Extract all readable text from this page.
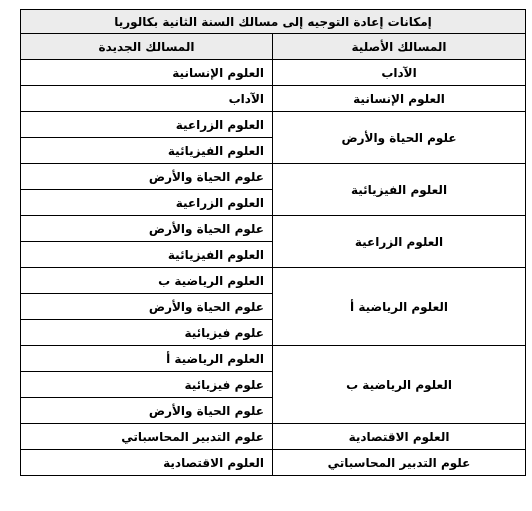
إمكانات إعادة التوجيه إلى مسالك السنة الثانية بكالوريا	
المسالك الأصلية	المسالك الجديدة
الآداب	العلوم الإنسانية
العلوم الإنسانية	الآداب
علوم الحياة والأرض	العلوم الزراعية
	العلوم الفيزيائية
العلوم الفيزيائية	علوم الحياة والأرض
	العلوم الزراعية
العلوم الزراعية	علوم الحياة والأرض
	العلوم الفيزيائية
العلوم الرياضية أ	العلوم الرياضية ب
	علوم الحياة والأرض
	علوم فيزيائية
العلوم الرياضية ب	العلوم الرياضية أ
	علوم فيزيائية
	علوم الحياة والأرض
العلوم الاقتصادية	علوم التدبير المحاسباتي
علوم التدبير المحاسباتي	العلوم الاقتصادية
